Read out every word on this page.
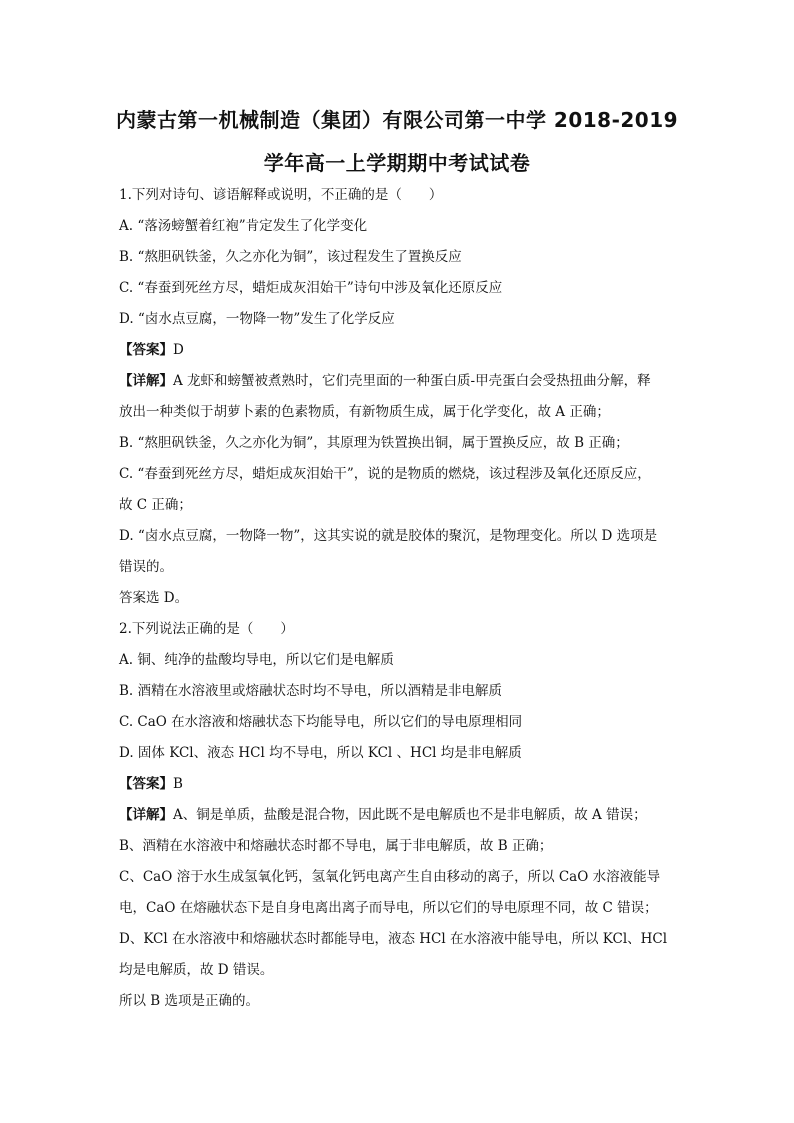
内蒙古第一机械制造（集团）有限公司第一中学 2018-2019
学年高一上学期期中考试试卷
1.下列对诗句、谚语解释或说明，不正确的是（　　）
A. “落汤螃蟹着红袍”肯定发生了化学变化
B. “熬胆矾铁釜，久之亦化为铜”，该过程发生了置换反应
C. “春蚕到死丝方尽，蜡炬成灰泪始干”诗句中涉及氧化还原反应
D. “卤水点豆腐，一物降一物”发生了化学反应
【答案】D
【详解】A 龙虾和螃蟹被煮熟时，它们壳里面的一种蛋白质-甲壳蛋白会受热扭曲分解，释
放出一种类似于胡萝卜素的色素物质，有新物质生成，属于化学变化，故 A 正确；
B. “熬胆矾铁釜，久之亦化为铜”，其原理为铁置换出铜，属于置换反应，故 B 正确；
C. “春蚕到死丝方尽，蜡炬成灰泪始干”，说的是物质的燃烧，该过程涉及氧化还原反应，
故 C 正确；
D. “卤水点豆腐，一物降一物”，这其实说的就是胶体的聚沉，是物理变化。所以 D 选项是
错误的。
答案选 D。
2.下列说法正确的是（　　）
A. 铜、纯净的盐酸均导电，所以它们是电解质
B. 酒精在水溶液里或熔融状态时均不导电，所以酒精是非电解质
C. CaO 在水溶液和熔融状态下均能导电，所以它们的导电原理相同
D. 固体 KCl、液态 HCl 均不导电，所以 KCl 、HCl 均是非电解质
【答案】B
【详解】A、铜是单质，盐酸是混合物，因此既不是电解质也不是非电解质，故 A 错误；
B、酒精在水溶液中和熔融状态时都不导电，属于非电解质，故 B 正确；
C、CaO 溶于水生成氢氧化钙，氢氧化钙电离产生自由移动的离子，所以 CaO 水溶液能导
电，CaO 在熔融状态下是自身电离出离子而导电，所以它们的导电原理不同，故 C 错误；
D、KCl 在水溶液中和熔融状态时都能导电，液态 HCl 在水溶液中能导电，所以 KCl、HCl
均是电解质，故 D 错误。
所以 B 选项是正确的。
